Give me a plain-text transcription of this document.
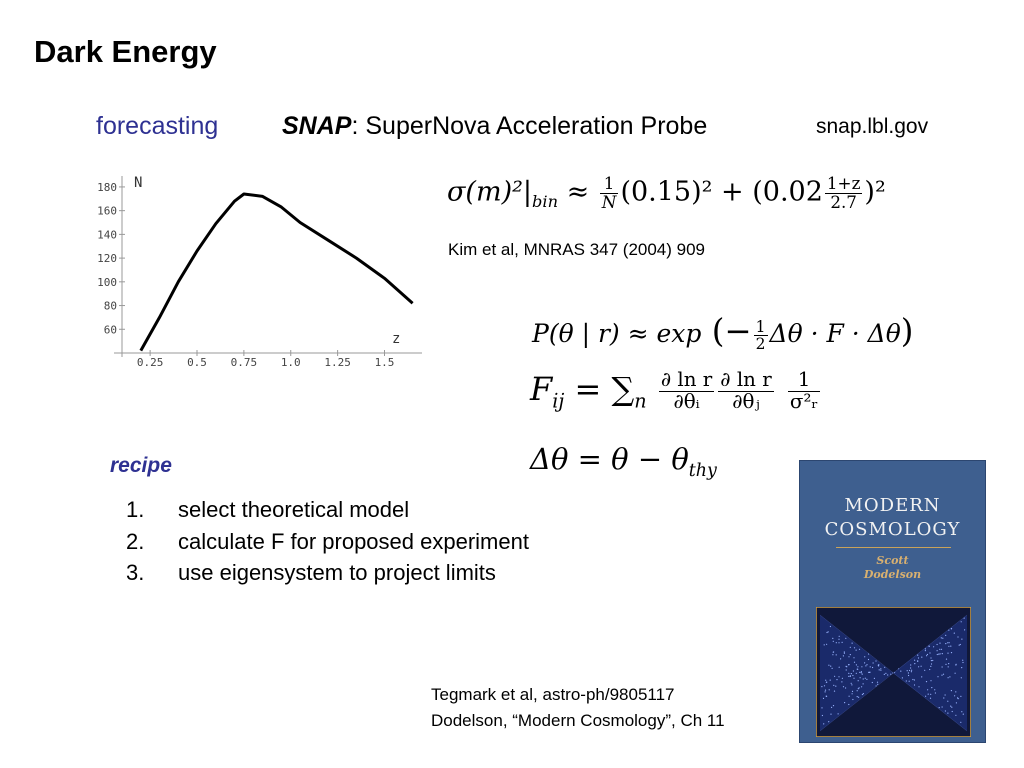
Dark Energy
forecasting	SNAP: SuperNova Acceleration Probe	snap.lbl.gov
0.25 0.5 0.75 1.0 1.25 1.5
60
80
100
120
140
160
180 N
z
$\sigma(m)^2|_{bin} \approx \frac{1}{N} (0.15)^2 + (0.02 \frac{1+z}{2.7} )^2$
Kim et al, MNRAS 347 (2004) 909
P(θ | r) ≈ exp (− $\frac{1}{2}$ Δθ · F · Δθ)
$F_{ij} = \sum_n \frac{\text{∂ ln r}}{\text{∂θᵢ}} \frac{\text{∂ ln r}}{\text{∂θⱼ}}$
$\frac{1}{\text{σ²ᵣ}}$
$\Delta\theta = \theta - \theta_{thy}$
recipe
1. select theoretical model
2. calculate F for proposed experiment
3. use eigensystem to project limits
Tegmark et al, astro-ph/9805117
Dodelson, “Modern Cosmology”, Ch 11
MODERN
COSMOLOGY
Scott
Dodelson
